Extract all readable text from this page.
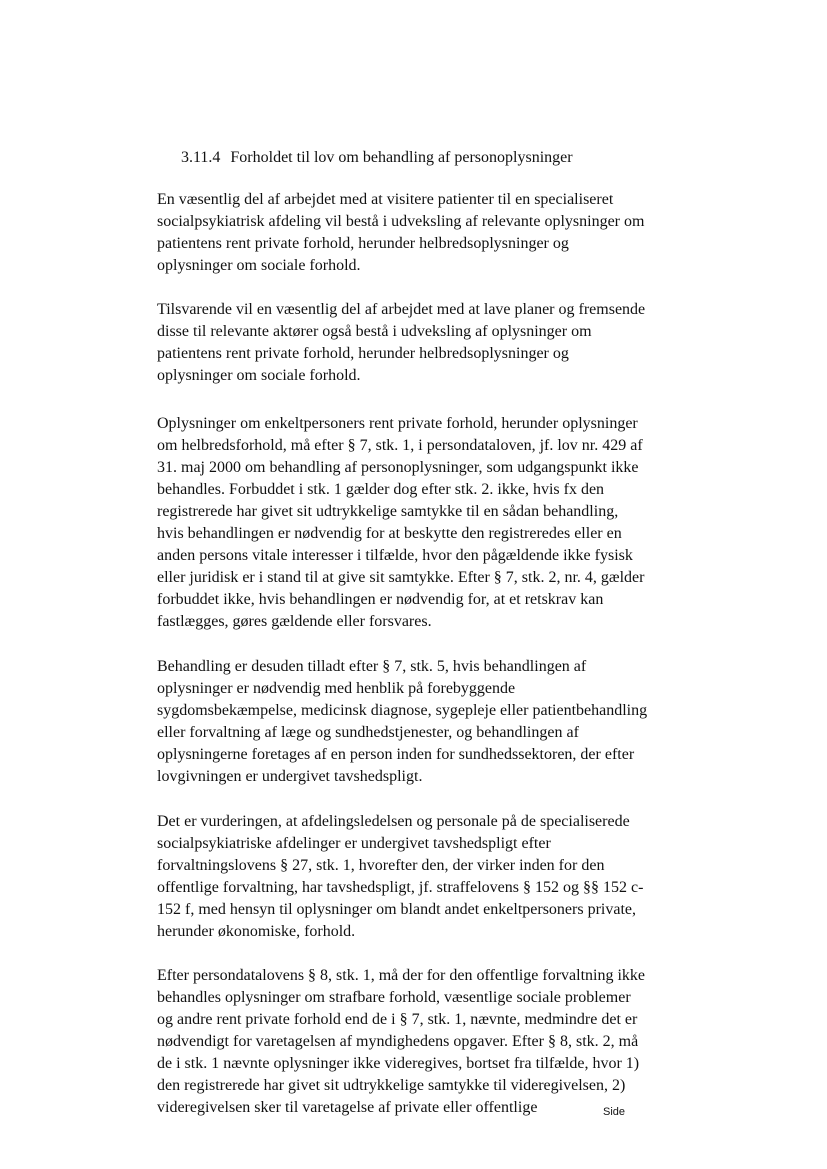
3.11.4 Forholdet til lov om behandling af personoplysninger
En væsentlig del af arbejdet med at visitere patienter til en specialiseret
socialpsykiatrisk afdeling vil bestå i udveksling af relevante oplysninger om
patientens rent private forhold, herunder helbredsoplysninger og
oplysninger om sociale forhold.
Tilsvarende vil en væsentlig del af arbejdet med at lave planer og fremsende
disse til relevante aktører også bestå i udveksling af oplysninger om
patientens rent private forhold, herunder helbredsoplysninger og
oplysninger om sociale forhold.
Oplysninger om enkeltpersoners rent private forhold, herunder oplysninger
om helbredsforhold, må efter § 7, stk. 1, i persondataloven, jf. lov nr. 429 af
31. maj 2000 om behandling af personoplysninger, som udgangspunkt ikke
behandles. Forbuddet i stk. 1 gælder dog efter stk. 2. ikke, hvis fx den
registrerede har givet sit udtrykkelige samtykke til en sådan behandling,
hvis behandlingen er nødvendig for at beskytte den registreredes eller en
anden persons vitale interesser i tilfælde, hvor den pågældende ikke fysisk
eller juridisk er i stand til at give sit samtykke. Efter § 7, stk. 2, nr. 4, gælder
forbuddet ikke, hvis behandlingen er nødvendig for, at et retskrav kan
fastlægges, gøres gældende eller forsvares.
Behandling er desuden tilladt efter § 7, stk. 5, hvis behandlingen af
oplysninger er nødvendig med henblik på forebyggende
sygdomsbekæmpelse, medicinsk diagnose, sygepleje eller patientbehandling
eller forvaltning af læge og sundhedstjenester, og behandlingen af
oplysningerne foretages af en person inden for sundhedssektoren, der efter
lovgivningen er undergivet tavshedspligt.
Det er vurderingen, at afdelingsledelsen og personale på de specialiserede
socialpsykiatriske afdelinger er undergivet tavshedspligt efter
forvaltningslovens § 27, stk. 1, hvorefter den, der virker inden for den
offentlige forvaltning, har tavshedspligt, jf. straffelovens § 152 og §§ 152 c-
152 f, med hensyn til oplysninger om blandt andet enkeltpersoners private,
herunder økonomiske, forhold.
Efter persondatalovens § 8, stk. 1, må der for den offentlige forvaltning ikke
behandles oplysninger om strafbare forhold, væsentlige sociale problemer
og andre rent private forhold end de i § 7, stk. 1, nævnte, medmindre det er
nødvendigt for varetagelsen af myndighedens opgaver. Efter § 8, stk. 2, må
de i stk. 1 nævnte oplysninger ikke videregives, bortset fra tilfælde, hvor 1)
den registrerede har givet sit udtrykkelige samtykke til videregivelsen, 2)
videregivelsen sker til varetagelse af private eller offentlige	Side
